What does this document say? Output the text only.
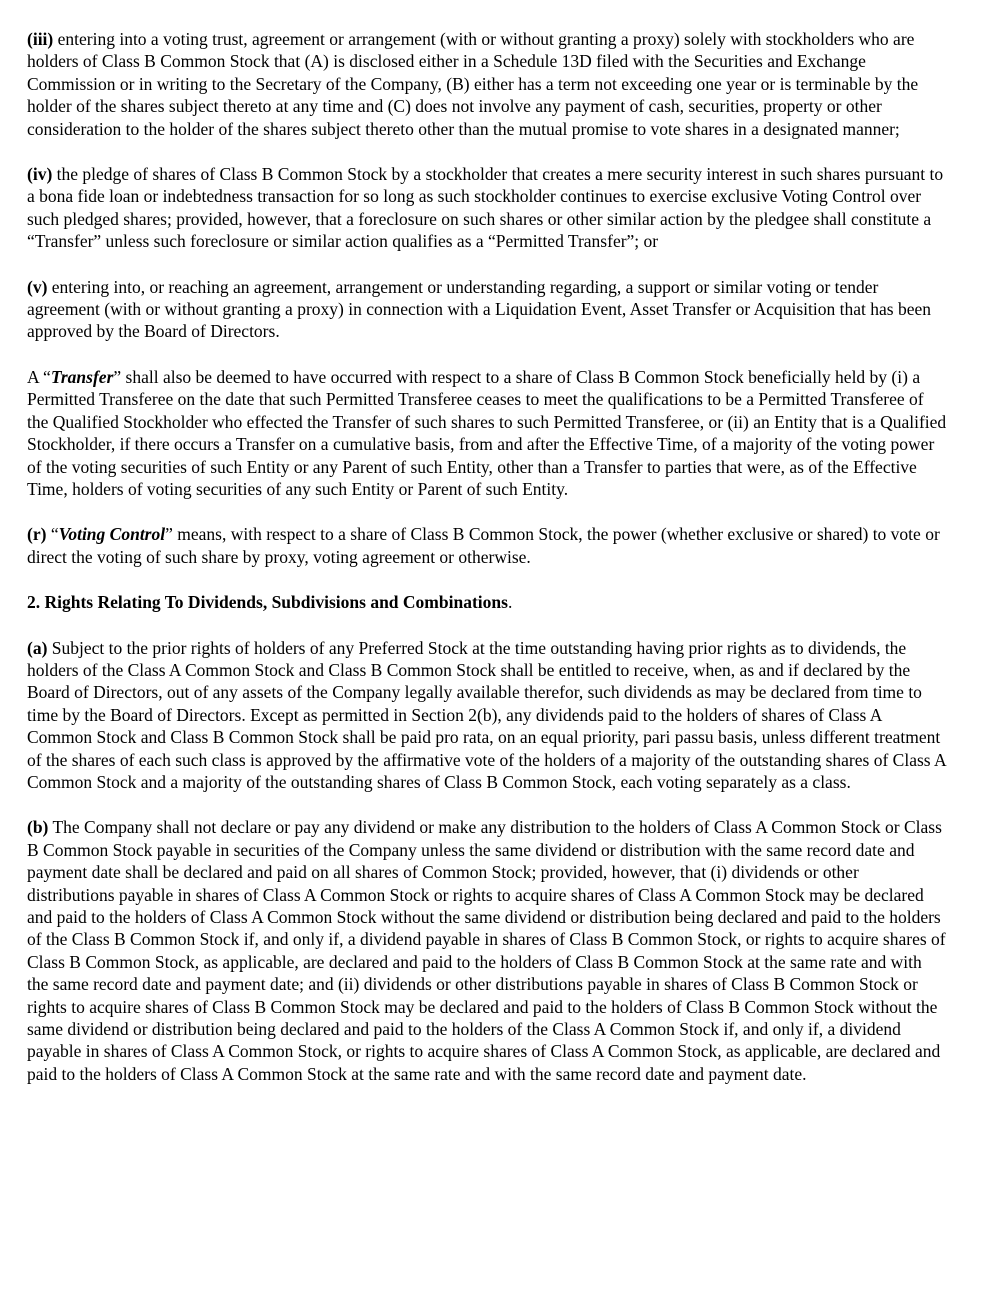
(iii) entering into a voting trust, agreement or arrangement (with or without granting a proxy) solely with stockholders who are holders of Class B Common Stock that (A) is disclosed either in a Schedule 13D filed with the Securities and Exchange Commission or in writing to the Secretary of the Company, (B) either has a term not exceeding one year or is terminable by the holder of the shares subject thereto at any time and (C) does not involve any payment of cash, securities, property or other consideration to the holder of the shares subject thereto other than the mutual promise to vote shares in a designated manner;

(iv) the pledge of shares of Class B Common Stock by a stockholder that creates a mere security interest in such shares pursuant to a bona fide loan or indebtedness transaction for so long as such stockholder continues to exercise exclusive Voting Control over such pledged shares; provided, however, that a foreclosure on such shares or other similar action by the pledgee shall constitute a “Transfer” unless such foreclosure or similar action qualifies as a “Permitted Transfer”; or

(v) entering into, or reaching an agreement, arrangement or understanding regarding, a support or similar voting or tender agreement (with or without granting a proxy) in connection with a Liquidation Event, Asset Transfer or Acquisition that has been approved by the Board of Directors.

A “Transfer” shall also be deemed to have occurred with respect to a share of Class B Common Stock beneficially held by (i) a Permitted Transferee on the date that such Permitted Transferee ceases to meet the qualifications to be a Permitted Transferee of the Qualified Stockholder who effected the Transfer of such shares to such Permitted Transferee, or (ii) an Entity that is a Qualified Stockholder, if there occurs a Transfer on a cumulative basis, from and after the Effective Time, of a majority of the voting power of the voting securities of such Entity or any Parent of such Entity, other than a Transfer to parties that were, as of the Effective Time, holders of voting securities of any such Entity or Parent of such Entity.

(r) “Voting Control” means, with respect to a share of Class B Common Stock, the power (whether exclusive or shared) to vote or direct the voting of such share by proxy, voting agreement or otherwise.

2. Rights Relating To Dividends, Subdivisions and Combinations.

(a) Subject to the prior rights of holders of any Preferred Stock at the time outstanding having prior rights as to dividends, the holders of the Class A Common Stock and Class B Common Stock shall be entitled to receive, when, as and if declared by the Board of Directors, out of any assets of the Company legally available therefor, such dividends as may be declared from time to time by the Board of Directors. Except as permitted in Section 2(b), any dividends paid to the holders of shares of Class A Common Stock and Class B Common Stock shall be paid pro rata, on an equal priority, pari passu basis, unless different treatment of the shares of each such class is approved by the affirmative vote of the holders of a majority of the outstanding shares of Class A Common Stock and a majority of the outstanding shares of Class B Common Stock, each voting separately as a class.

(b) The Company shall not declare or pay any dividend or make any distribution to the holders of Class A Common Stock or Class B Common Stock payable in securities of the Company unless the same dividend or distribution with the same record date and payment date shall be declared and paid on all shares of Common Stock; provided, however, that (i) dividends or other distributions payable in shares of Class A Common Stock or rights to acquire shares of Class A Common Stock may be declared and paid to the holders of Class A Common Stock without the same dividend or distribution being declared and paid to the holders of the Class B Common Stock if, and only if, a dividend payable in shares of Class B Common Stock, or rights to acquire shares of Class B Common Stock, as applicable, are declared and paid to the holders of Class B Common Stock at the same rate and with the same record date and payment date; and (ii) dividends or other distributions payable in shares of Class B Common Stock or rights to acquire shares of Class B Common Stock may be declared and paid to the holders of Class B Common Stock without the same dividend or distribution being declared and paid to the holders of the Class A Common Stock if, and only if, a dividend payable in shares of Class A Common Stock, or rights to acquire shares of Class A Common Stock, as applicable, are declared and paid to the holders of Class A Common Stock at the same rate and with the same record date and payment date.
